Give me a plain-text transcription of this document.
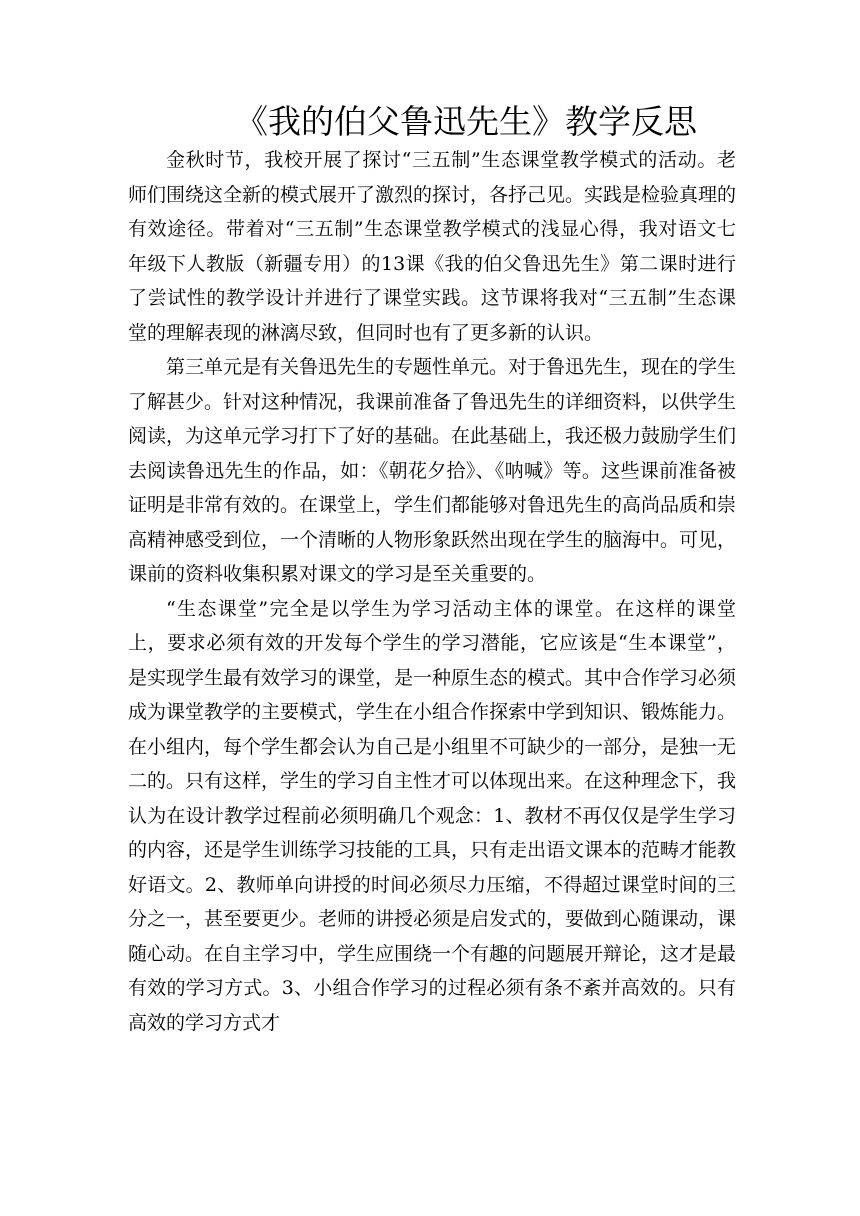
《我的伯父鲁迅先生》教学反思

金秋时节，我校开展了探讨“三五制”生态课堂教学模式的活动。老师们围绕这全新的模式展开了激烈的探讨，各抒己见。实践是检验真理的有效途径。带着对“三五制”生态课堂教学模式的浅显心得，我对语文七年级下人教版（新疆专用）的13课《我的伯父鲁迅先生》第二课时进行了尝试性的教学设计并进行了课堂实践。这节课将我对“三五制”生态课堂的理解表现的淋漓尽致，但同时也有了更多新的认识。

第三单元是有关鲁迅先生的专题性单元。对于鲁迅先生，现在的学生了解甚少。针对这种情况，我课前准备了鲁迅先生的详细资料，以供学生阅读，为这单元学习打下了好的基础。在此基础上，我还极力鼓励学生们去阅读鲁迅先生的作品，如：《朝花夕拾》、《呐喊》等。这些课前准备被证明是非常有效的。在课堂上，学生们都能够对鲁迅先生的高尚品质和崇高精神感受到位，一个清晰的人物形象跃然出现在学生的脑海中。可见，课前的资料收集积累对课文的学习是至关重要的。

“生态课堂”完全是以学生为学习活动主体的课堂。在这样的课堂上，要求必须有效的开发每个学生的学习潜能，它应该是“生本课堂”，是实现学生最有效学习的课堂，是一种原生态的模式。其中合作学习必须成为课堂教学的主要模式，学生在小组合作探索中学到知识、锻炼能力。在小组内，每个学生都会认为自己是小组里不可缺少的一部分，是独一无二的。只有这样，学生的学习自主性才可以体现出来。在这种理念下，我认为在设计教学过程前必须明确几个观念：1、教材不再仅仅是学生学习的内容，还是学生训练学习技能的工具，只有走出语文课本的范畴才能教好语文。2、教师单向讲授的时间必须尽力压缩，不得超过课堂时间的三分之一，甚至要更少。老师的讲授必须是启发式的，要做到心随课动，课随心动。在自主学习中，学生应围绕一个有趣的问题展开辩论，这才是最有效的学习方式。3、小组合作学习的过程必须有条不紊并高效的。只有高效的学习方式才
